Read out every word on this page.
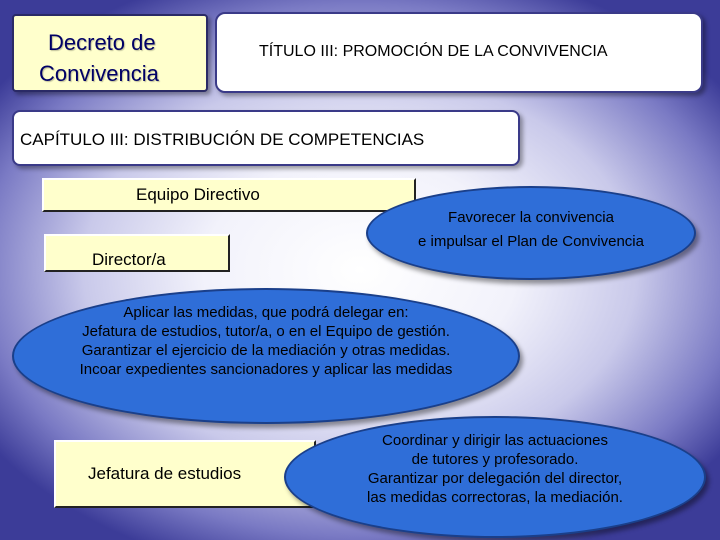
Decreto de
Convivencia
TÍTULO III: PROMOCIÓN DE LA CONVIVENCIA
CAPÍTULO III: DISTRIBUCIÓN DE COMPETENCIAS
Equipo Directivo
Favorecer la convivencia
e impulsar el Plan de Convivencia
Aplicar las medidas, que podrá delegar en:
Jefatura de estudios, tutor/a, o en el Equipo de gestión.
Garantizar el ejercicio de la mediación y otras medidas.
Incoar expedientes sancionadores y aplicar las medidas
Director/a
Jefatura de estudios
Coordinar y dirigir las actuaciones
de tutores y profesorado.
Garantizar por delegación del director,
las medidas correctoras, la mediación.
